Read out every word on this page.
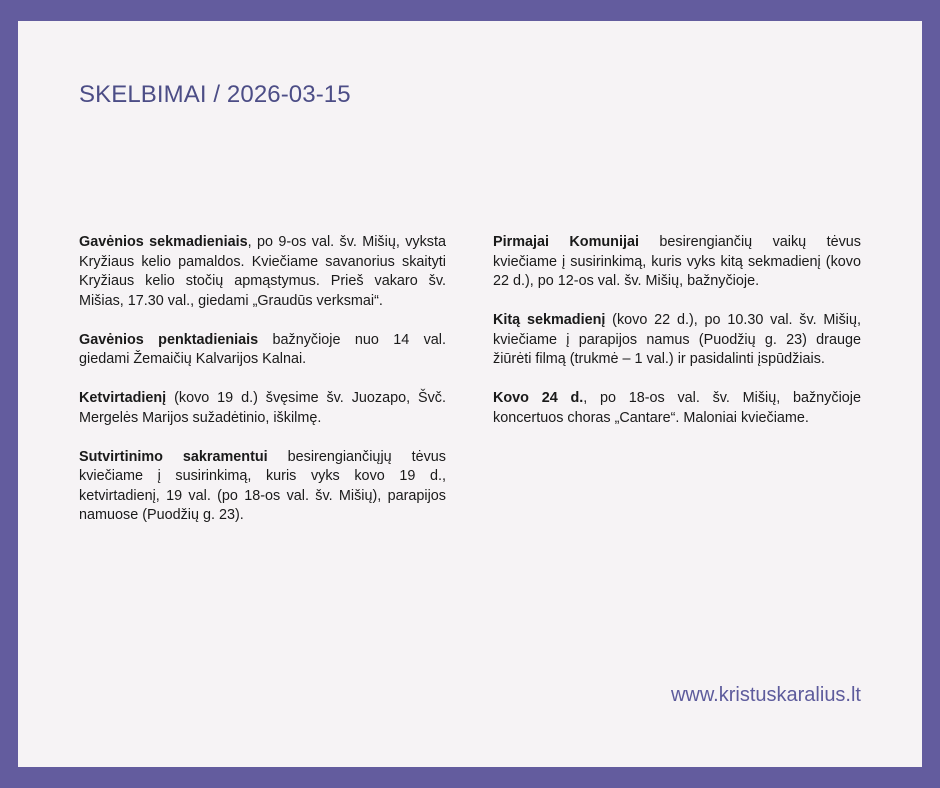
SKELBIMAI / 2026-03-15

Gavėnios sekmadieniais, po 9-os val. šv. Mišių, vyksta Kryžiaus kelio pamaldos. Kviečiame savanorius skaityti Kryžiaus kelio stočių apmąstymus. Prieš vakaro šv. Mišias, 17.30 val., giedami „Graudūs verksmai“.

Gavėnios penktadieniais bažnyčioje nuo 14 val. giedami Žemaičių Kalvarijos Kalnai.

Ketvirtadienį (kovo 19 d.) švęsime šv. Juozapo, Švč. Mergelės Marijos sužadėtinio, iškilmę.

Sutvirtinimo sakramentui besirengiančiųjų tėvus kviečiame į susirinkimą, kuris vyks kovo 19 d., ketvirtadienį, 19 val. (po 18-os val. šv. Mišių), parapijos namuose (Puodžių g. 23).

Pirmajai Komunijai besirengiančių vaikų tėvus kviečiame į susirinkimą, kuris vyks kitą sekmadienį (kovo 22 d.), po 12-os val. šv. Mišių, bažnyčioje.

Kitą sekmadienį (kovo 22 d.), po 10.30 val. šv. Mišių, kviečiame į parapijos namus (Puodžių g. 23) drauge žiūrėti filmą (trukmė – 1 val.) ir pasidalinti įspūdžiais.

Kovo 24 d., po 18-os val. šv. Mišių, bažnyčioje koncertuos choras „Cantare“. Maloniai kviečiame.

www.kristuskaralius.lt
